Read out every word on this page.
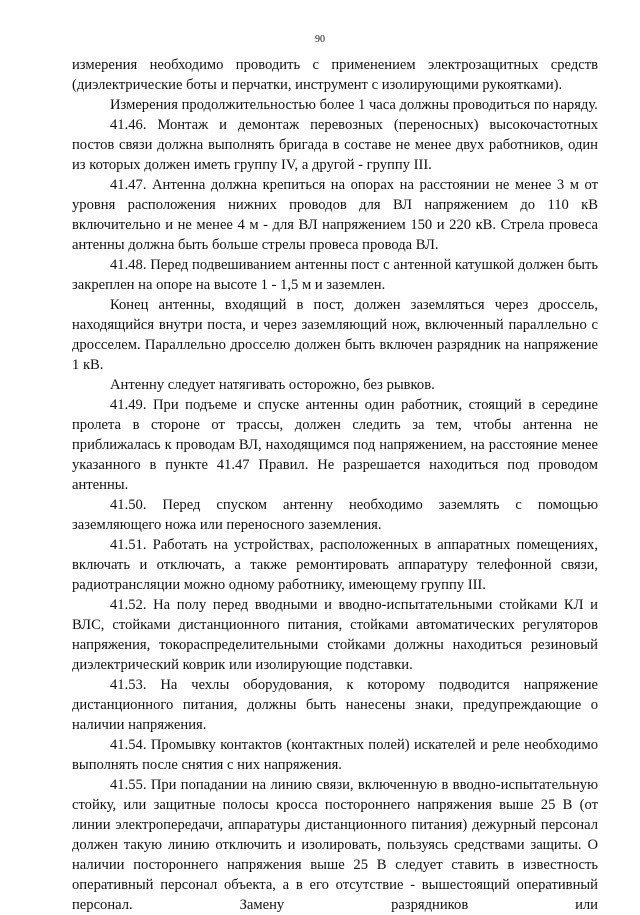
90

измерения необходимо проводить с применением электрозащитных средств (диэлектрические боты и перчатки, инструмент с изолирующими рукоятками).

Измерения продолжительностью более 1 часа должны проводиться по наряду.

41.46. Монтаж и демонтаж перевозных (переносных) высокочастотных постов связи должна выполнять бригада в составе не менее двух работников, один из которых должен иметь группу IV, а другой - группу III.

41.47. Антенна должна крепиться на опорах на расстоянии не менее 3 м от уровня расположения нижних проводов для ВЛ напряжением до 110 кВ включительно и не менее 4 м - для ВЛ напряжением 150 и 220 кВ. Стрела провеса антенны должна быть больше стрелы провеса провода ВЛ.

41.48. Перед подвешиванием антенны пост с антенной катушкой должен быть закреплен на опоре на высоте 1 - 1,5 м и заземлен.

Конец антенны, входящий в пост, должен заземляться через дроссель, находящийся внутри поста, и через заземляющий нож, включенный параллельно с дросселем. Параллельно дросселю должен быть включен разрядник на напряжение 1 кВ.

Антенну следует натягивать осторожно, без рывков.

41.49. При подъеме и спуске антенны один работник, стоящий в середине пролета в стороне от трассы, должен следить за тем, чтобы антенна не приближалась к проводам ВЛ, находящимся под напряжением, на расстояние менее указанного в пункте 41.47 Правил. Не разрешается находиться под проводом антенны.

41.50. Перед спуском антенну необходимо заземлять с помощью заземляющего ножа или переносного заземления.

41.51. Работать на устройствах, расположенных в аппаратных помещениях, включать и отключать, а также ремонтировать аппаратуру телефонной связи, радиотрансляции можно одному работнику, имеющему группу III.

41.52. На полу перед вводными и вводно-испытательными стойками КЛ и ВЛС, стойками дистанционного питания, стойками автоматических регуляторов напряжения, токораспределительными стойками должны находиться резиновый диэлектрический коврик или изолирующие подставки.

41.53. На чехлы оборудования, к которому подводится напряжение дистанционного питания, должны быть нанесены знаки, предупреждающие о наличии напряжения.

41.54. Промывку контактов (контактных полей) искателей и реле необходимо выполнять после снятия с них напряжения.

41.55. При попадании на линию связи, включенную в вводно-испытательную стойку, или защитные полосы кросса постороннего напряжения выше 25 В (от линии электропередачи, аппаратуры дистанционного питания) дежурный персонал должен такую линию отключить и изолировать, пользуясь средствами защиты. О наличии постороннего напряжения выше 25 В следует ставить в известность оперативный персонал объекта, а в его отсутствие - вышестоящий оперативный персонал. Замену разрядников или
